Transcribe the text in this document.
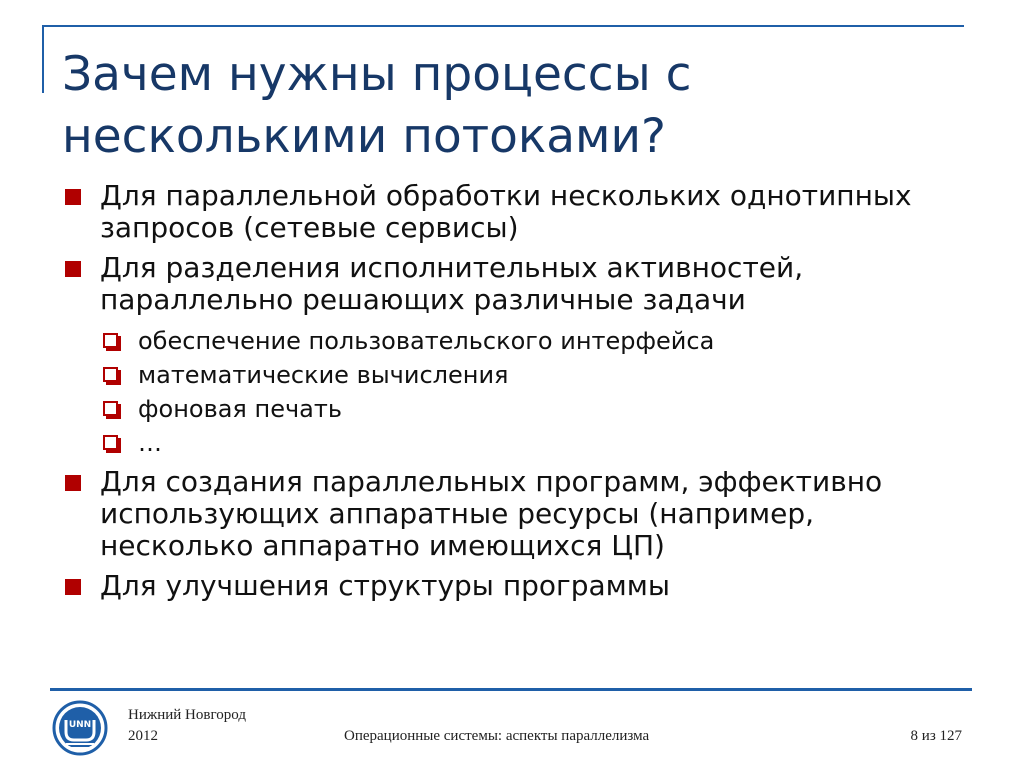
Зачем нужны процессы с несколькими потоками?
Для параллельной обработки нескольких однотипных запросов (сетевые сервисы)
Для разделения исполнительных активностей, параллельно решающих различные задачи
обеспечение пользовательского интерфейса
математические вычисления
фоновая печать
…
Для создания параллельных программ, эффективно использующих аппаратные ресурсы (например, несколько аппаратно имеющихся ЦП)
Для улучшения структуры программы
UNN
Нижний Новгород
2012	Операционные системы: аспекты параллелизма	8 из 127
